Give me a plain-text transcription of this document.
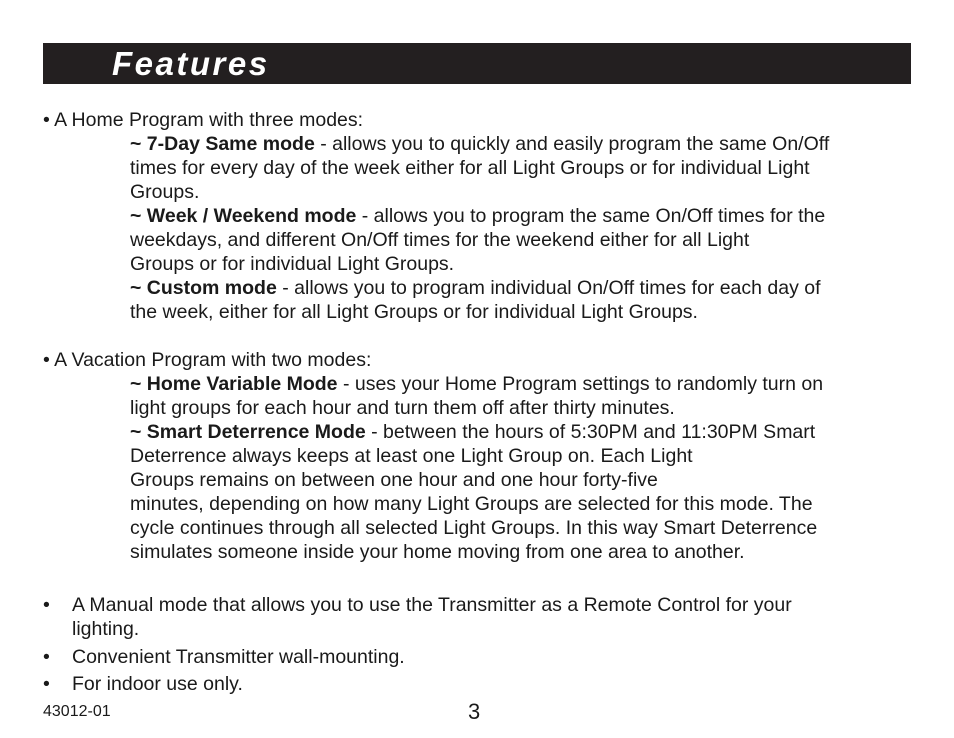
Features
• A Home Program with three modes:
~ 7-Day Same mode - allows you to quickly and easily program the same On/Off
times for every day of the week either for all Light Groups or for individual Light
Groups.
~ Week / Weekend mode - allows you to program the same On/Off times for the
weekdays, and different On/Off times for the weekend either for all Light
Groups or for individual Light Groups.
~ Custom mode - allows you to program individual On/Off times for each day of
the week, either for all Light Groups or for individual Light Groups.
• A Vacation Program with two modes:
~ Home Variable Mode - uses your Home Program settings to randomly turn on
light groups for each hour and turn them off after thirty minutes.
~ Smart Deterrence Mode - between the hours of 5:30PM and 11:30PM Smart
Deterrence always keeps at least one Light Group on. Each Light
Groups remains on between one hour and one hour forty-five
minutes, depending on how many Light Groups are selected for this mode. The
cycle continues through all selected Light Groups. In this way Smart Deterrence
simulates someone inside your home moving from one area to another.
• A Manual mode that allows you to use the Transmitter as a Remote Control for your
lighting.
• Convenient Transmitter wall-mounting.
• For indoor use only.
43012-01	3
